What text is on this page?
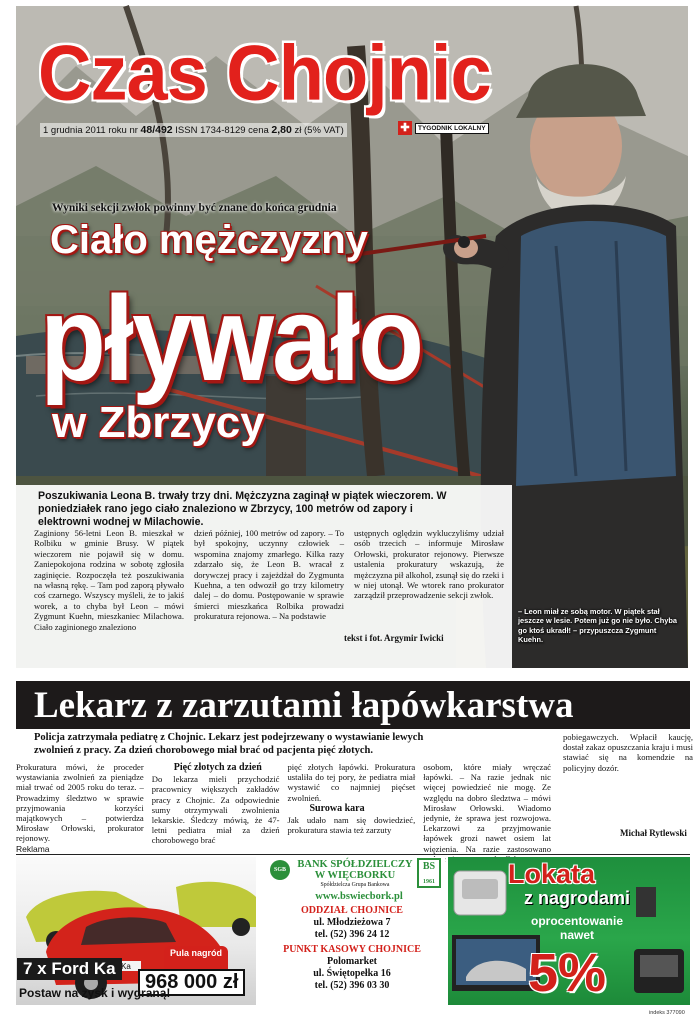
Czas Chojnic
1 grudnia 2011 roku nr 48/492 ISSN 1734-8129 cena 2,80 zł (5% VAT)	✚	TYGODNIK LOKALNY
Wyniki sekcji zwłok powinny być znane do końca grudnia
Ciało mężczyzny
pływało
w Zbrzycy
Poszukiwania Leona B. trwały trzy dni. Mężczyzna zaginął w piątek wieczorem. W poniedziałek rano jego ciało znaleziono w Zbrzycy, 100 metrów od zapory i elektrowni wodnej w Milachowie.
Zaginiony 56-letni Leon B. mieszkał w Rolbiku w gminie Brusy. W piątek wieczorem nie pojawił się w domu. Zaniepokojona rodzina w sobotę zgłosiła zaginięcie. Rozpoczęła też poszukiwania na własną rękę. – Tam pod zaporą pływało coś czarnego. Wszyscy myśleli, że to jakiś worek, a to chyba był Leon – mówi Zygmunt Kuehn, mieszkaniec Milachowa. Ciało zaginionego znaleziono
dzień później, 100 metrów od zapory. – To był spokojny, uczynny człowiek – wspomina znajomy zmarłego. Kilka razy zdarzało się, że Leon B. wracał z dorywczej pracy i zajeżdżał do Zygmunta Kuehna, a ten odwoził go trzy kilometry dalej – do domu. Postępowanie w sprawie śmierci mieszkańca Rolbika prowadzi prokuratura rejonowa. – Na podstawie
ustępnych oględzin wykluczyliśmy udział osób trzecich – informuje Mirosław Orłowski, prokurator rejonowy. Pierwsze ustalenia prokuratury wskazują, że mężczyzna pił alkohol, zsunął się do rzeki i w niej utonął. We wtorek rano prokurator zarządził przeprowadzenie sekcji zwłok.
tekst i fot. Argymir Iwicki
– Leon miał ze sobą motor. W piątek stał jeszcze w lesie. Potem już go nie było. Chyba go ktoś ukradł! – przypuszcza Zygmunt Kuehn.
Lekarz z zarzutami łapówkarstwa
Policja zatrzymała pediatrę z Chojnic. Lekarz jest podejrzewany o wystawianie lewych zwolnień z pracy. Za dzień chorobowego miał brać od pacjenta pięć złotych.
Prokuratura mówi, że proceder wystawiania zwolnień za pieniądze miał trwać od 2005 roku do teraz. – Prowadzimy śledztwo w sprawie przyjmowania korzyści majątkowych – potwierdza Mirosław Orłowski, prokurator rejonowy.
Pięć złotych za dzień
Do lekarza mieli przychodzić pracownicy większych zakładów pracy z Chojnic. Za odpowiednie sumy otrzymywali zwolnienia lekarskie. Śledczy mówią, że 47-letni pediatra miał za dzień chorobowego brać
pięć złotych łapówki. Prokuratura ustaliła do tej pory, że pediatra miał wystawić co najmniej pięćset zwolnień.
Surowa kara
Jak udało nam się dowiedzieć, prokuratura stawia też zarzuty
osobom, które miały wręczać łapówki. – Na razie jednak nic więcej powiedzieć nie mogę. Ze względu na dobro śledztwa – mówi Mirosław Orłowski. Wiadomo jedynie, że sprawa jest rozwojowa. Lekarzowi za przyjmowanie łapówek grozi nawet osiem lat więzienia. Na razie zastosowano
pobiegawczych. Wpłacił kaucję, dostał zakaz opuszczania kraju i musi stawiać się na komendzie na policyjny dozór.
Michał Rytlewski
Reklama
Ka
7 x Ford Ka
Pula nagród
968 000 zł
Postaw na zysk i wygraną!
SGB	BS
1961
BANK SPÓŁDZIELCZY
W WIĘCBORKU
Spółdzielcza Grupa Bankowa
www.bswiecbork.pl
ODDZIAŁ CHOJNICE
ul. Młodzieżowa 7
tel. (52) 396 24 12
PUNKT KASOWY CHOJNICE
Polomarket
ul. Świętopełka 16
tel. (52) 396 03 30
Lokata
z nagrodami
oprocentowanie
nawet
5%
indeks 377090
